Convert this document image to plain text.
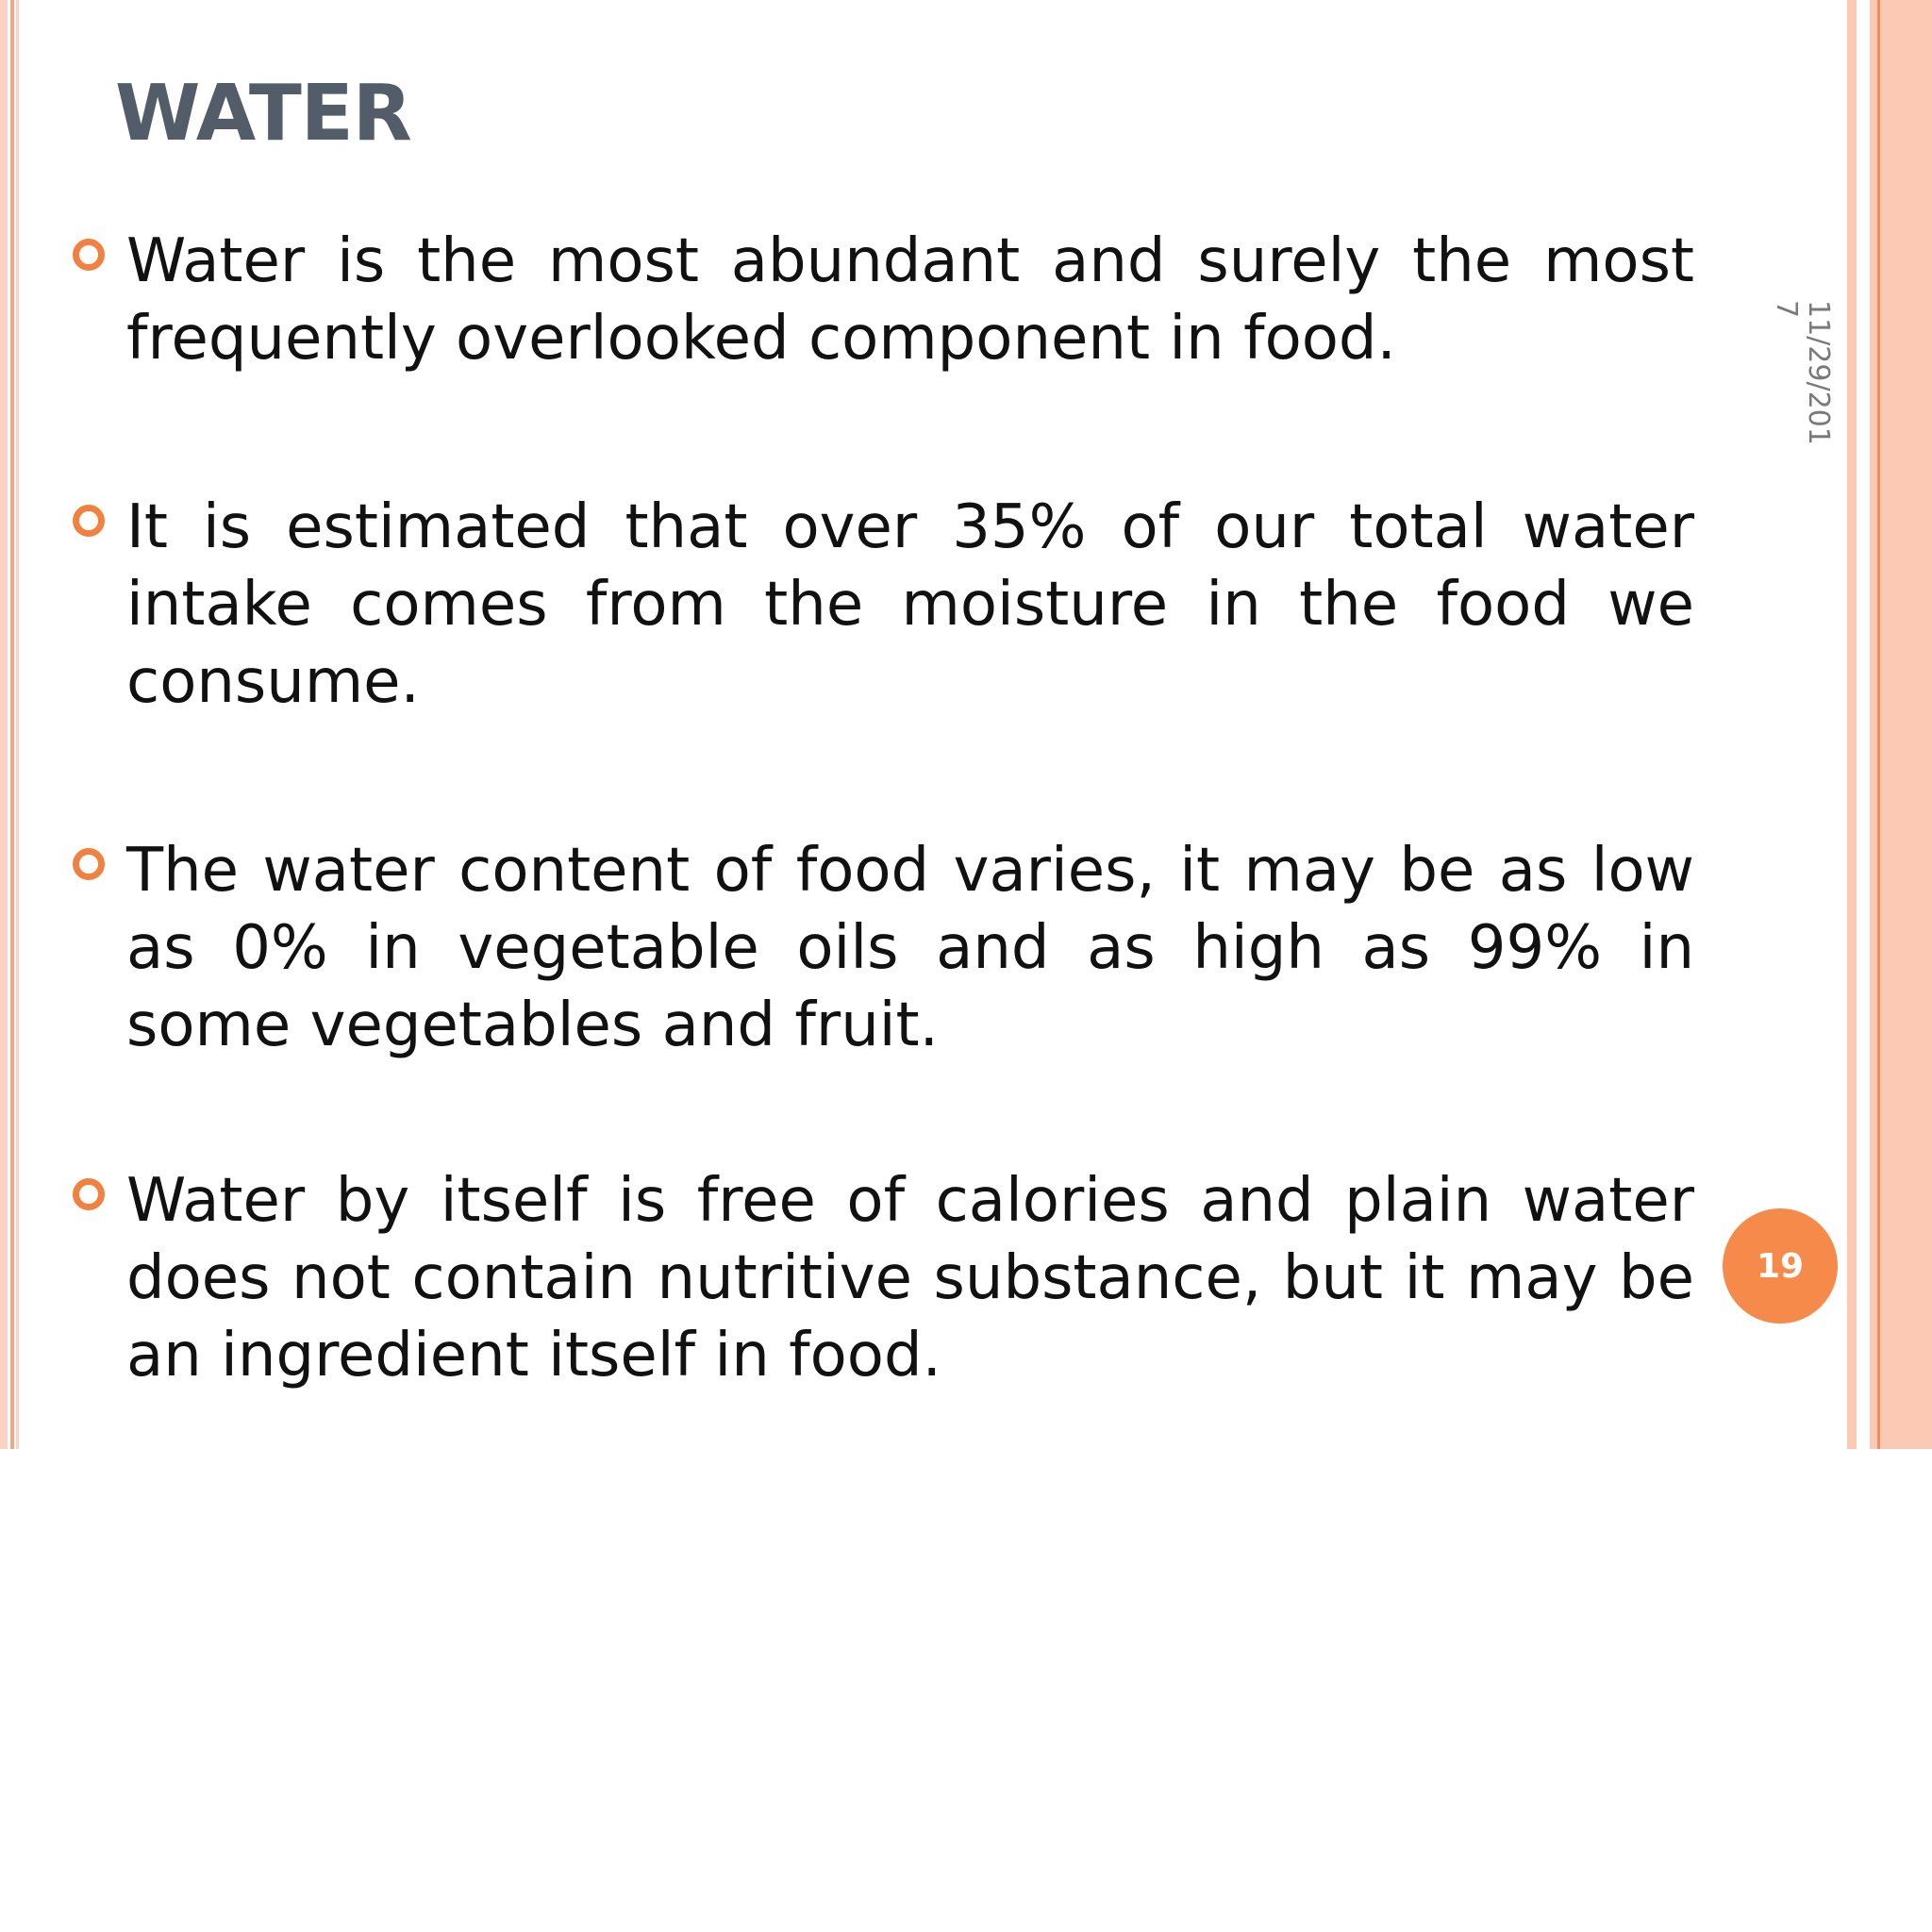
WATER
Water is the most abundant and surely the most frequently overlooked component in food.
It is estimated that over 35% of our total water intake comes from the moisture in the food we consume.
The water content of food varies, it may be as low as 0% in vegetable oils and as high as 99% in some vegetables and fruit.
Water by itself is free of calories and plain water does not contain nutritive substance, but it may be an ingredient itself in food.
11/29/2017
19
